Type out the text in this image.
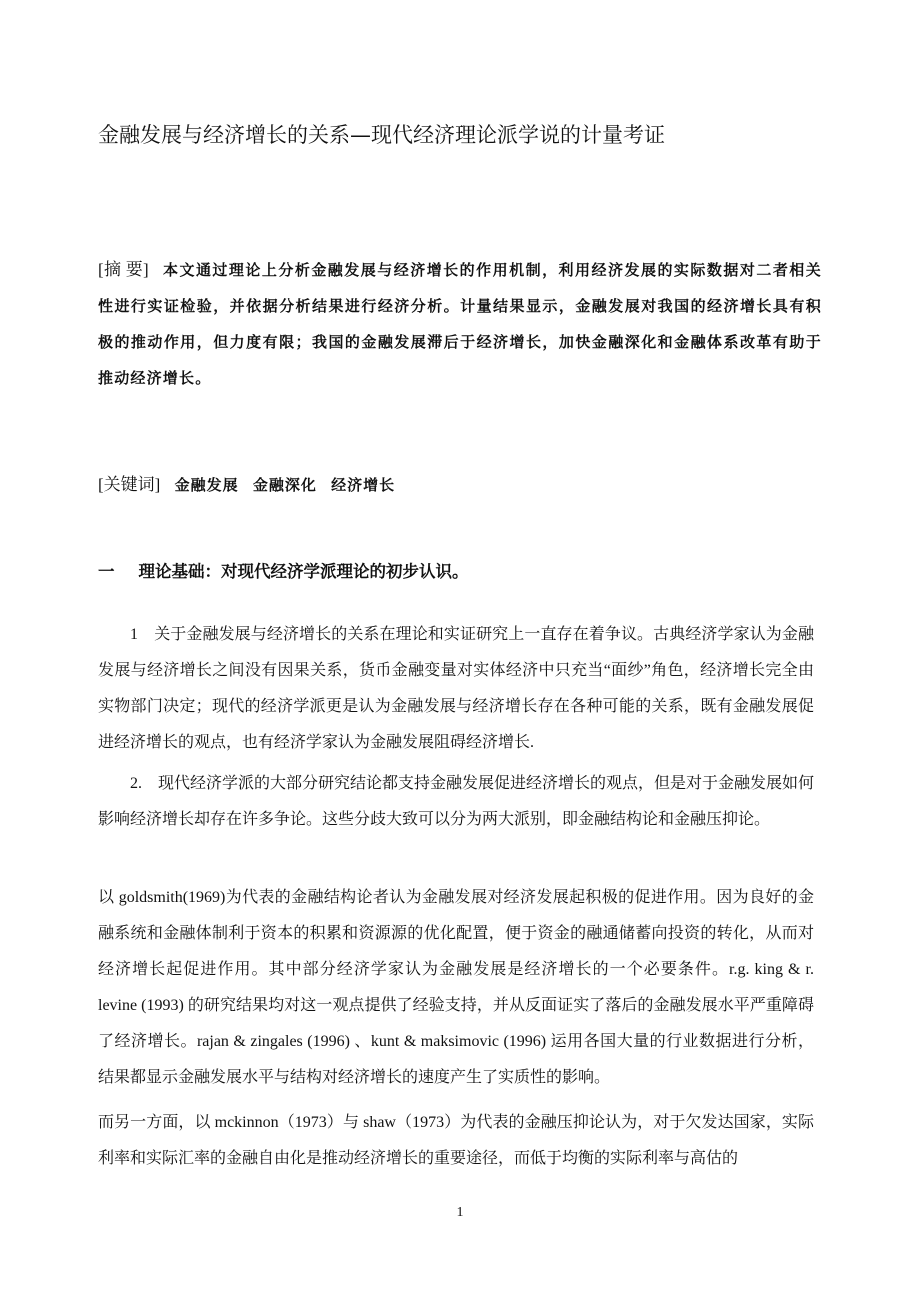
金融发展与经济增长的关系—现代经济理论派学说的计量考证
[摘 要] 本文通过理论上分析金融发展与经济增长的作用机制，利用经济发展的实际数据对二者相关性进行实证检验，并依据分析结果进行经济分析。计量结果显示，金融发展对我国的经济增长具有积极的推动作用，但力度有限；我国的金融发展滞后于经济增长，加快金融深化和金融体系改革有助于推动经济增长。
[关键词] 金融发展 金融深化 经济增长
一 理论基础：对现代经济学派理论的初步认识。

1　关于金融发展与经济增长的关系在理论和实证研究上一直存在着争议。古典经济学家认为金融发展与经济增长之间没有因果关系，货币金融变量对实体经济中只充当“面纱”角色，经济增长完全由实物部门决定；现代的经济学派更是认为金融发展与经济增长存在各种可能的关系，既有金融发展促进经济增长的观点，也有经济学家认为金融发展阻碍经济增长.

2.　现代经济学派的大部分研究结论都支持金融发展促进经济增长的观点，但是对于金融发展如何影响经济增长却存在许多争论。这些分歧大致可以分为两大派别，即金融结构论和金融压抑论。

以 goldsmith(1969)为代表的金融结构论者认为金融发展对经济发展起积极的促进作用。因为良好的金融系统和金融体制利于资本的积累和资源源的优化配置，便于资金的融通储蓄向投资的转化，从而对经济增长起促进作用。其中部分经济学家认为金融发展是经济增长的一个必要条件。r.g. king & r. levine (1993) 的研究结果均对这一观点提供了经验支持，并从反面证实了落后的金融发展水平严重障碍了经济增长。rajan & zingales (1996) 、kunt & maksimovic (1996) 运用各国大量的行业数据进行分析，结果都显示金融发展水平与结构对经济增长的速度产生了实质性的影响。

而另一方面，以 mckinnon（1973）与 shaw（1973）为代表的金融压抑论认为，对于欠发达国家，实际利率和实际汇率的金融自由化是推动经济增长的重要途径，而低于均衡的实际利率与高估的

1
